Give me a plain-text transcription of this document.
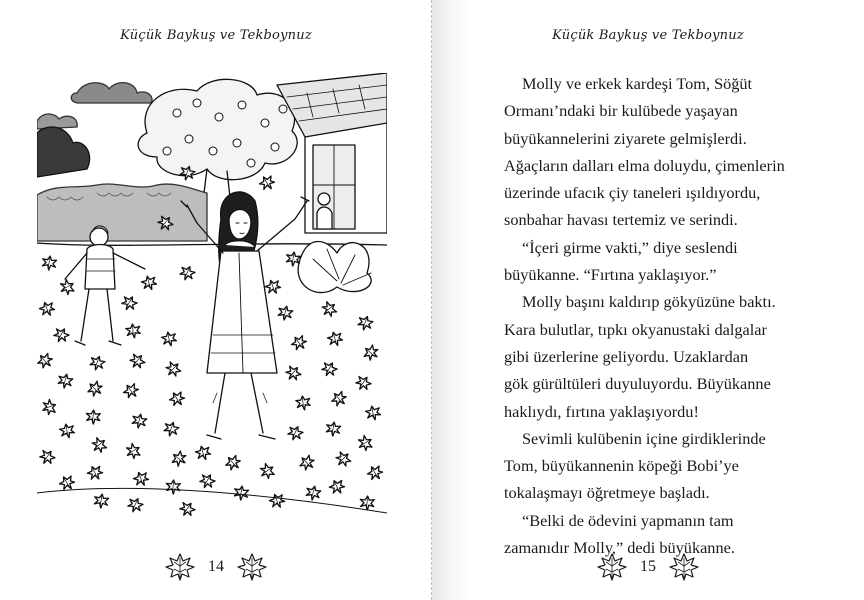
Küçük Baykuş ve Tekboynuz
14
Küçük Baykuş ve Tekboynuz

Molly ve erkek kardeşi Tom, Söğüt

Ormanı’ndaki bir kulübede yaşayan

büyükannelerini ziyarete gelmişlerdi.

Ağaçların dalları elma doluydu, çimenlerin

üzerinde ufacık çiy taneleri ışıldıyordu,

sonbahar havası tertemiz ve serindi.

“İçeri girme vakti,” diye seslendi

büyükanne. “Fırtına yaklaşıyor.”

Molly başını kaldırıp gökyüzüne baktı.

Kara bulutlar, tıpkı okyanustaki dalgalar

gibi üzerlerine geliyordu. Uzaklardan

gök gürültüleri duyuluyordu. Büyükanne

haklıydı, fırtına yaklaşıyordu!

Sevimli kulübenin içine girdiklerinde

Tom, büyükannenin köpeği Bobi’ye

tokalaşmayı öğretmeye başladı.

“Belki de ödevini yapmanın tam

zamanıdır Molly,” dedi büyükanne.

15
